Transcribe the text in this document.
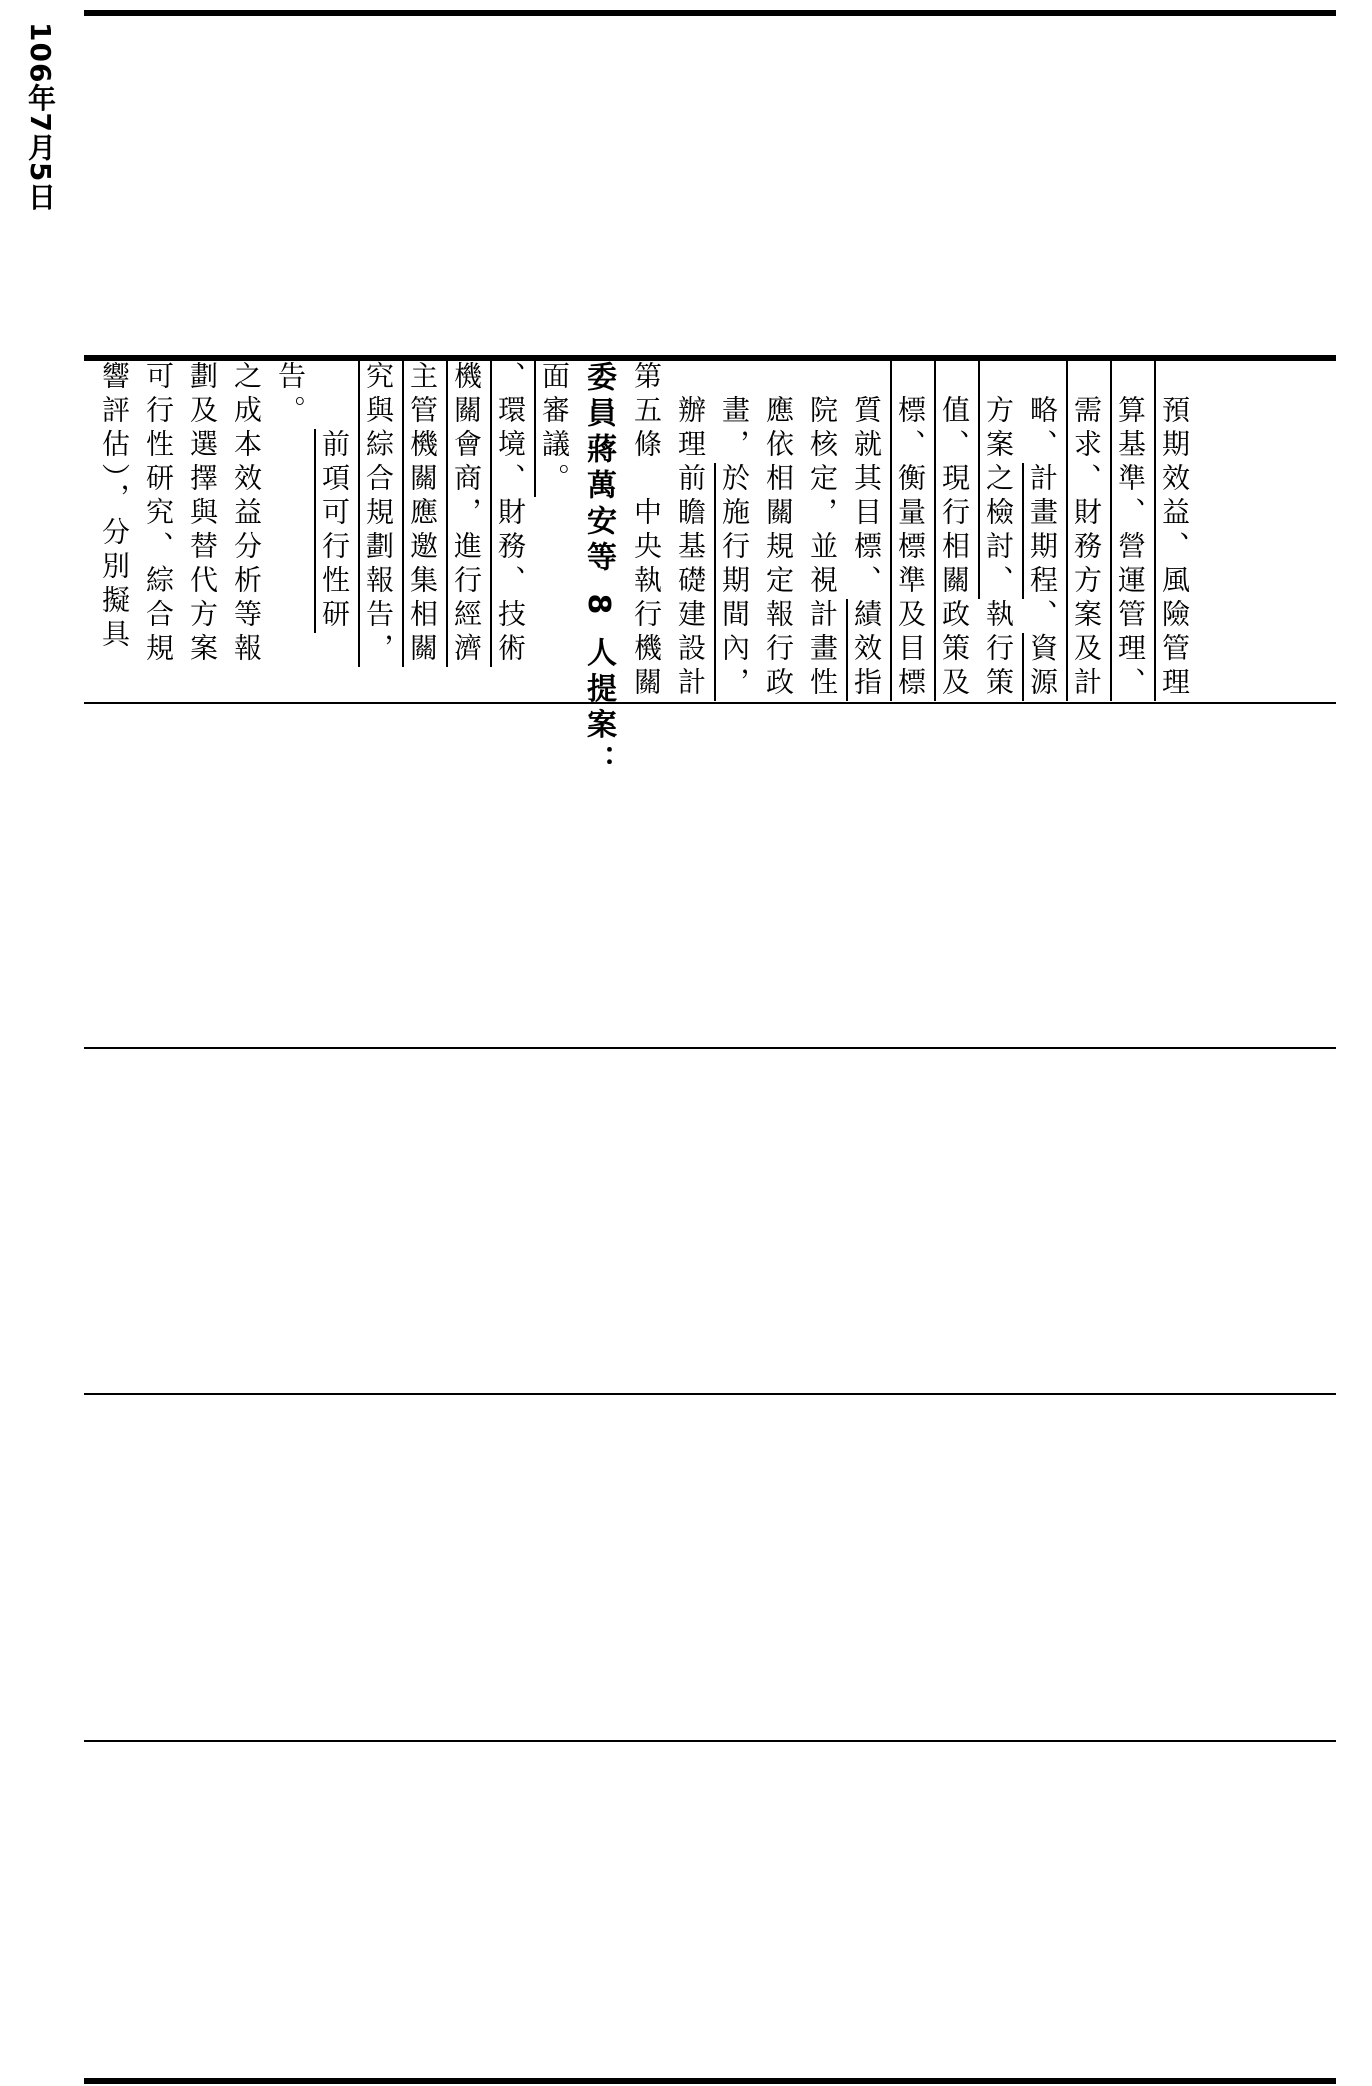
106年7月5日
響評估），分別擬具 可行性研究、綜合規 劃及選擇與替代方案 之成本效益分析等報 告。
　　前項可行性研 究與綜合規劃報告， 主管機關應邀集相關 機關會商，進行經濟 、環境、財務、技術 面審議。 委員蔣萬安等 8 人提案： 第五條　中央執行機關 　辦理前瞻基礎建設計 　畫，於施行期間內， 　應依相關規定報行政 　院核定，並視計畫性 　質就其目標、績效指 　標、衡量標準及目標 　值、現行相關政策及 　方案之檢討、執行策
　略、計畫期程、資源 　需求、財務方案及計 　算基準、營運管理、 　預期效益、風險管理
